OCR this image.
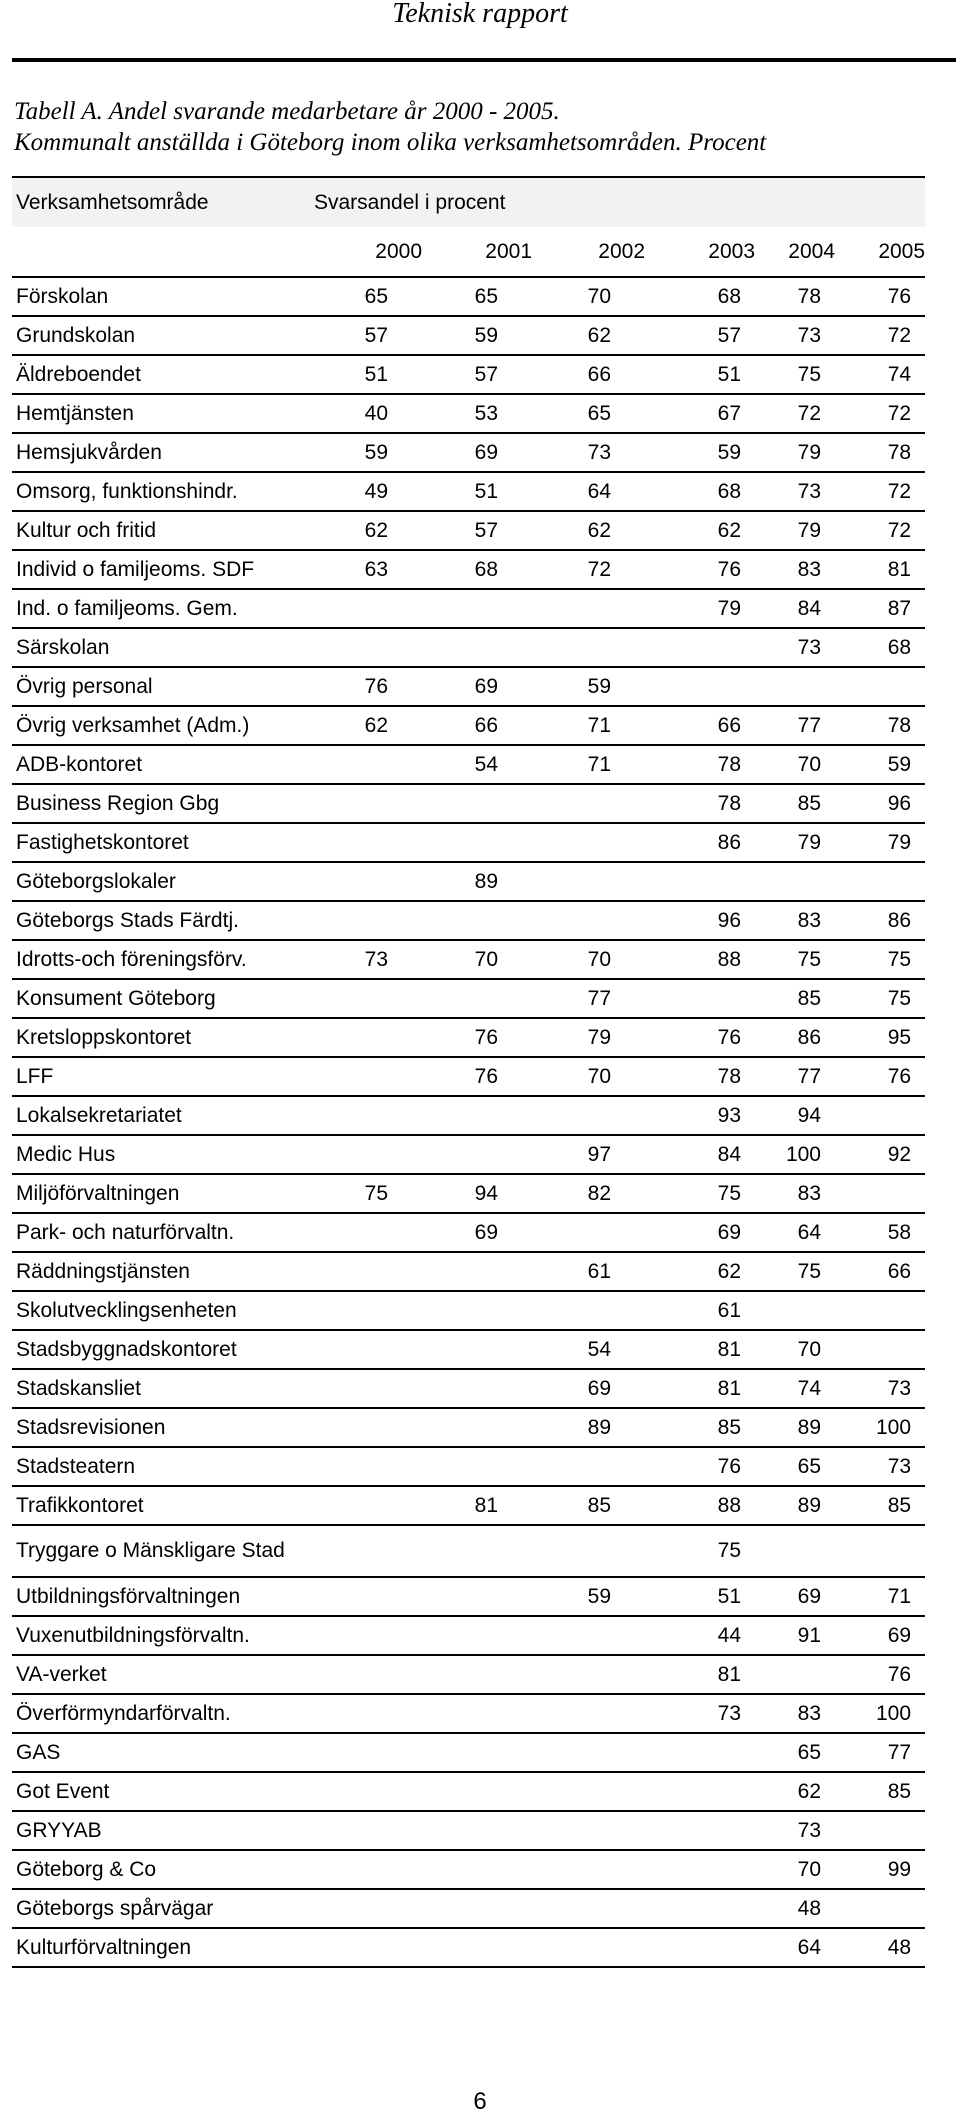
Teknisk rapport
Tabell A. Andel svarande medarbetare år 2000 - 2005.
Kommunalt anställda i Göteborg inom olika verksamhetsområden. Procent
Verksamhetsområde	Svarsandel i procent					
	2000	2001	2002	2003	2004	2005
Förskolan	65	65	70	68	78	76
Grundskolan	57	59	62	57	73	72
Äldreboendet	51	57	66	51	75	74
Hemtjänsten	40	53	65	67	72	72
Hemsjukvården	59	69	73	59	79	78
Omsorg, funktionshindr.	49	51	64	68	73	72
Kultur och fritid	62	57	62	62	79	72
Individ o familjeoms. SDF	63	68	72	76	83	81
Ind. o familjeoms. Gem.				79	84	87
Särskolan					73	68
Övrig personal	76	69	59			
Övrig verksamhet (Adm.)	62	66	71	66	77	78
ADB-kontoret		54	71	78	70	59
Business Region Gbg				78	85	96
Fastighetskontoret				86	79	79
Göteborgslokaler		89				
Göteborgs Stads Färdtj.				96	83	86
Idrotts-och föreningsförv.	73	70	70	88	75	75
Konsument Göteborg			77		85	75
Kretsloppskontoret		76	79	76	86	95
LFF		76	70	78	77	76
Lokalsekretariatet				93	94	
Medic Hus			97	84	100	92
Miljöförvaltningen	75	94	82	75	83	
Park- och naturförvaltn.		69		69	64	58
Räddningstjänsten			61	62	75	66
Skolutvecklingsenheten				61		
Stadsbyggnadskontoret			54	81	70	
Stadskansliet			69	81	74	73
Stadsrevisionen			89	85	89	100
Stadsteatern				76	65	73
Trafikkontoret		81	85	88	89	85
Tryggare o Mänskligare Stad				75		
Utbildningsförvaltningen			59	51	69	71
Vuxenutbildningsförvaltn.				44	91	69
VA-verket				81		76
Överförmyndarförvaltn.				73	83	100
GAS					65	77
Got Event					62	85
GRYYAB					73	
Göteborg & Co					70	99
Göteborgs spårvägar					48	
Kulturförvaltningen					64	48
6
